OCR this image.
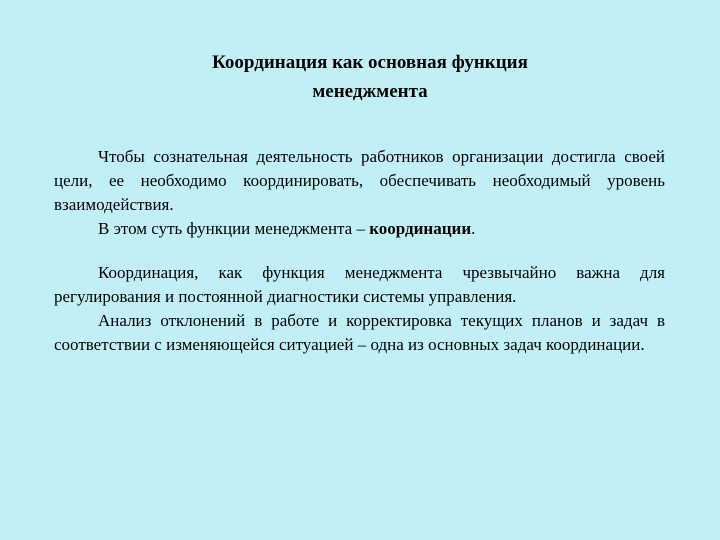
Координация как основная функция
менеджмента

Чтобы сознательная деятельность работников организации достигла своей цели, ее необходимо координировать, обеспечивать необходимый уровень взаимодействия.

В этом суть функции менеджмента – координации.

Координация, как функция менеджмента чрезвычайно важна для регулирования и постоянной диагностики системы управления.

Анализ отклонений в работе и корректировка текущих планов и задач в соответствии с изменяющейся ситуацией – одна из основных задач координации.
